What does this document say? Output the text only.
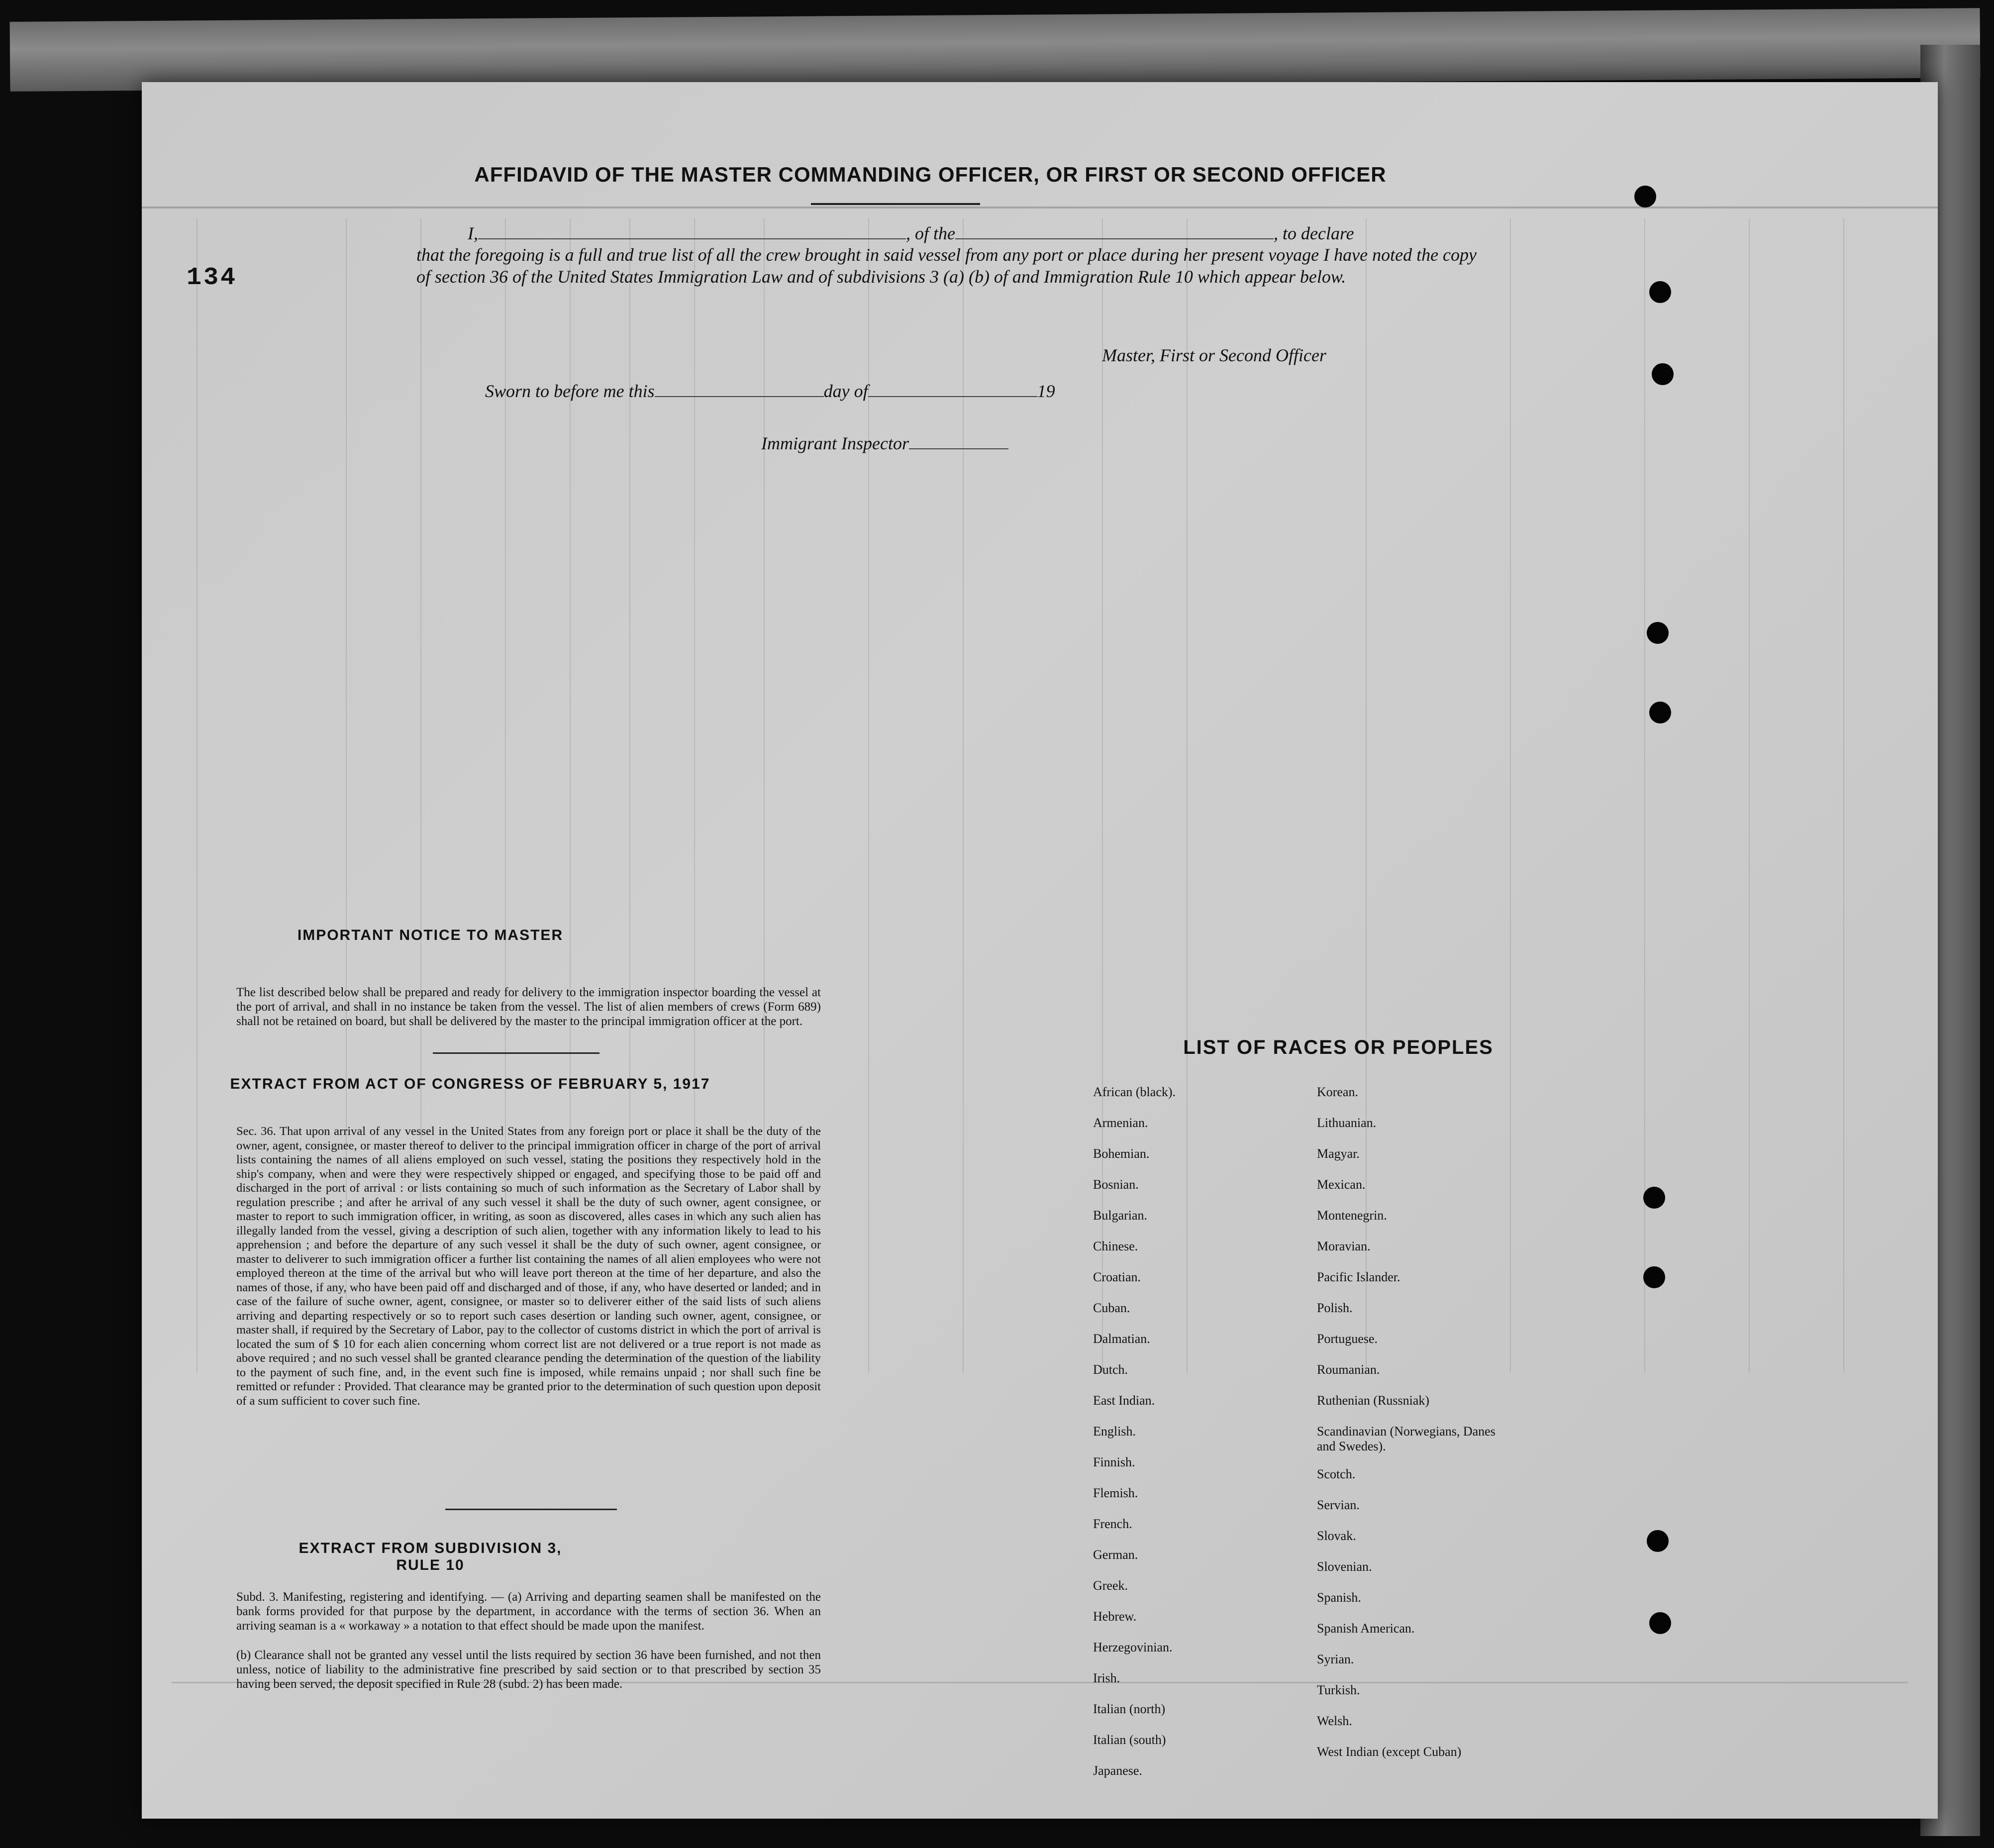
AFFIDAVID OF THE MASTER COMMANDING OFFICER, OR FIRST OR SECOND OFFICER
I,	, of the	, to declare

that the foregoing is a full and true list of all the crew brought in said vessel from any port or place during her present voyage I have noted the copy of section 36 of the United States Immigration Law and of subdivisions 3 (a) (b) of and Immigration Rule 10 which appear below.

134
Master, First or Second Officer
Sworn to before me this	day of	19
Immigrant Inspector
IMPORTANT NOTICE TO MASTER

The list described below shall be prepared and ready for delivery to the immigration inspector boarding the vessel at the port of arrival, and shall in no instance be taken from the vessel. The list of alien members of crews (Form 689) shall not be retained on board, but shall be delivered by the master to the principal immigration officer at the port.

EXTRACT FROM ACT OF CONGRESS OF FEBRUARY 5, 1917

Sec. 36. That upon arrival of any vessel in the United States from any foreign port or place it shall be the duty of the owner, agent, consignee, or master thereof to deliver to the principal immigration officer in charge of the port of arrival lists containing the names of all aliens employed on such vessel, stating the positions they respectively hold in the ship's company, when and were they were respectively shipped or engaged, and specifying those to be paid off and discharged in the port of arrival : or lists containing so much of such information as the Secretary of Labor shall by regulation prescribe ; and after he arrival of any such vessel it shall be the duty of such owner, agent consignee, or master to report to such immigration officer, in writing, as soon as discovered, alles cases in which any such alien has illegally landed from the vessel, giving a description of such alien, together with any information likely to lead to his apprehension ; and before the departure of any such vessel it shall be the duty of such owner, agent consignee, or master to deliverer to such immigration officer a further list containing the names of all alien employees who were not employed thereon at the time of the arrival but who will leave port thereon at the time of her departure, and also the names of those, if any, who have been paid off and discharged and of those, if any, who have deserted or landed; and in case of the failure of suche owner, agent, consignee, or master so to deliverer either of the said lists of such aliens arriving and departing respectively or so to report such cases desertion or landing such owner, agent, consignee, or master shall, if required by the Secretary of Labor, pay to the collector of customs district in which the port of arrival is located the sum of $ 10 for each alien concerning whom correct list are not delivered or a true report is not made as above required ; and no such vessel shall be granted clearance pending the determination of the question of the liability to the payment of such fine, and, in the event such fine is imposed, while remains unpaid ; nor shall such fine be remitted or refunder : Provided. That clearance may be granted prior to the determination of such question upon deposit of a sum sufficient to cover such fine.

EXTRACT FROM SUBDIVISION 3, RULE 10

Subd. 3. Manifesting, registering and identifying. — (a) Arriving and departing seamen shall be manifested on the bank forms provided for that purpose by the department, in accordance with the terms of section 36. When an arriving seaman is a « workaway » a notation to that effect should be made upon the manifest.

(b) Clearance shall not be granted any vessel until the lists required by section 36 have been furnished, and not then unless, notice of liability to the administrative fine prescribed by said section or to that prescribed by section 35 having been served, the deposit specified in Rule 28 (subd. 2) has been made.

LIST OF RACES OR PEOPLES
African (black).
Armenian.
Bohemian.
Bosnian.
Bulgarian.
Chinese.
Croatian.
Cuban.
Dalmatian.
Dutch.
East Indian.
English.
Finnish.
Flemish.
French.
German.
Greek.
Hebrew.
Herzegovinian.
Irish.
Italian (north)
Italian (south)
Japanese.
Korean.
Lithuanian.
Magyar.
Mexican.
Montenegrin.
Moravian.
Pacific Islander.
Polish.
Portuguese.
Roumanian.
Ruthenian (Russniak)
Scandinavian (Norwegians, Danes and Swedes).
Scotch.
Servian.
Slovak.
Slovenian.
Spanish.
Spanish American.
Syrian.
Turkish.
Welsh.
West Indian (except Cuban)
